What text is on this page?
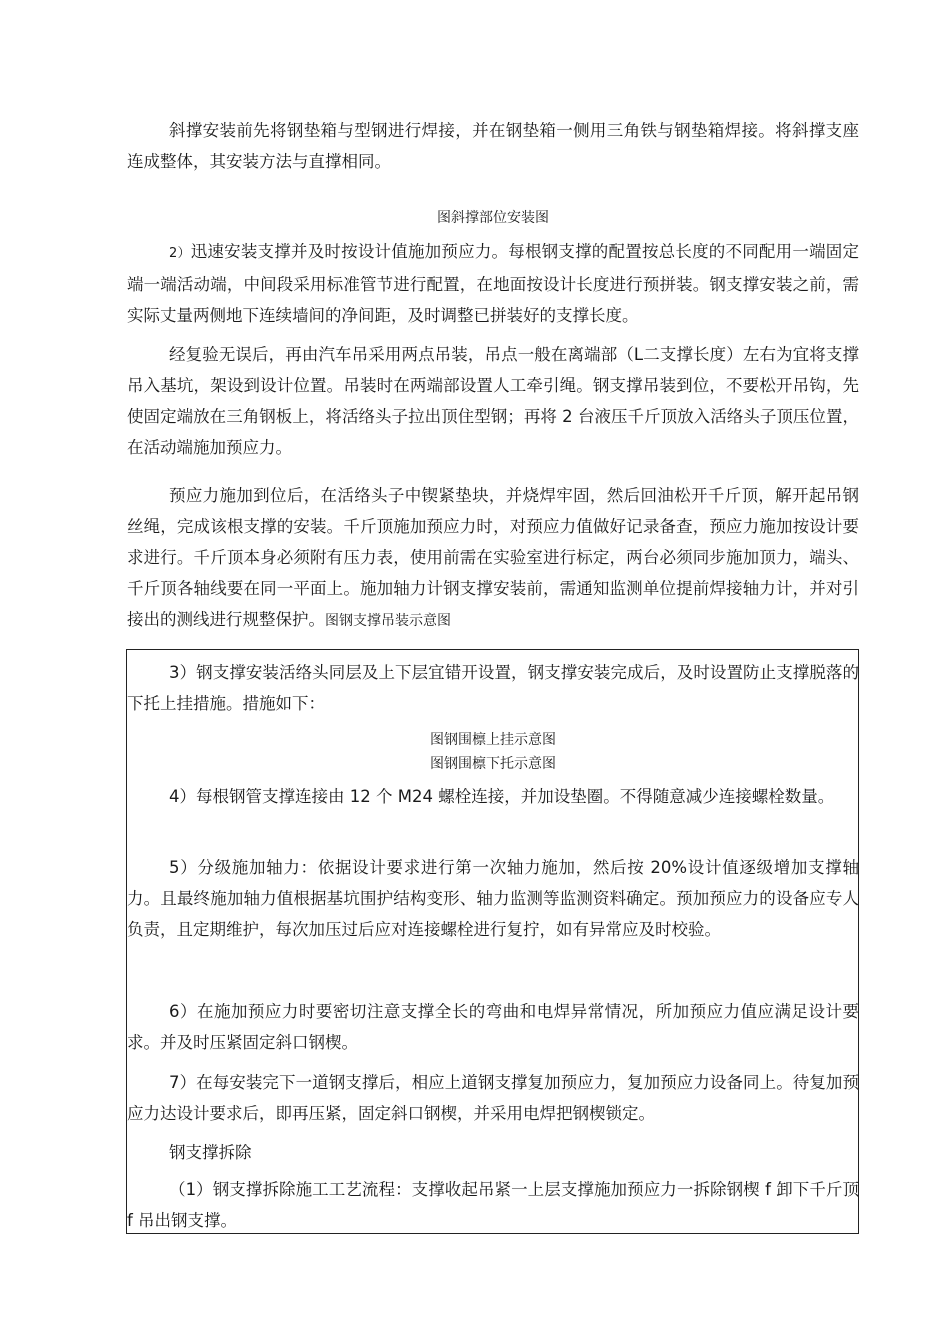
斜撑安装前先将钢垫箱与型钢进行焊接，并在钢垫箱一侧用三角铁与钢垫箱焊接。将斜撑支座连成整体，其安装方法与直撑相同。

图斜撑部位安装图

2）迅速安装支撑并及时按设计值施加预应力。每根钢支撑的配置按总长度的不同配用一端固定端一端活动端，中间段采用标准管节进行配置，在地面按设计长度进行预拼装。钢支撑安装之前，需实际丈量两侧地下连续墙间的净间距，及时调整已拼装好的支撑长度。

经复验无误后，再由汽车吊采用两点吊装，吊点一般在离端部（L二支撑长度）左右为宜将支撑吊入基坑，架设到设计位置。吊装时在两端部设置人工牵引绳。钢支撑吊装到位，不要松开吊钩，先使固定端放在三角钢板上，将活络头子拉出顶住型钢；再将 2 台液压千斤顶放入活络头子顶压位置，在活动端施加预应力。

预应力施加到位后，在活络头子中锲紧垫块，并烧焊牢固，然后回油松开千斤顶，解开起吊钢丝绳，完成该根支撑的安装。千斤顶施加预应力时，对预应力值做好记录备查，预应力施加按设计要求进行。千斤顶本身必须附有压力表，使用前需在实验室进行标定，两台必须同步施加顶力，端头、千斤顶各轴线要在同一平面上。施加轴力计钢支撑安装前，需通知监测单位提前焊接轴力计，并对引接出的测线进行规整保护。图钢支撑吊装示意图

3）钢支撑安装活络头同层及上下层宜错开设置，钢支撑安装完成后，及时设置防止支撑脱落的下托上挂措施。措施如下：

图钢围檩上挂示意图

图钢围檩下托示意图

4）每根钢管支撑连接由 12 个 M24 螺栓连接，并加设垫圈。不得随意减少连接螺栓数量。

5）分级施加轴力：依据设计要求进行第一次轴力施加，然后按 20%设计值逐级增加支撑轴力。且最终施加轴力值根据基坑围护结构变形、轴力监测等监测资料确定。预加预应力的设备应专人负责，且定期维护，每次加压过后应对连接螺栓进行复拧，如有异常应及时校验。

6）在施加预应力时要密切注意支撑全长的弯曲和电焊异常情况，所加预应力值应满足设计要求。并及时压紧固定斜口钢楔。

7）在每安装完下一道钢支撑后，相应上道钢支撑复加预应力，复加预应力设备同上。待复加预应力达设计要求后，即再压紧，固定斜口钢楔，并采用电焊把钢楔锁定。

钢支撑拆除

（1）钢支撑拆除施工工艺流程：支撑收起吊紧一上层支撑施加预应力一拆除钢楔 f 卸下千斤顶 f 吊出钢支撑。
